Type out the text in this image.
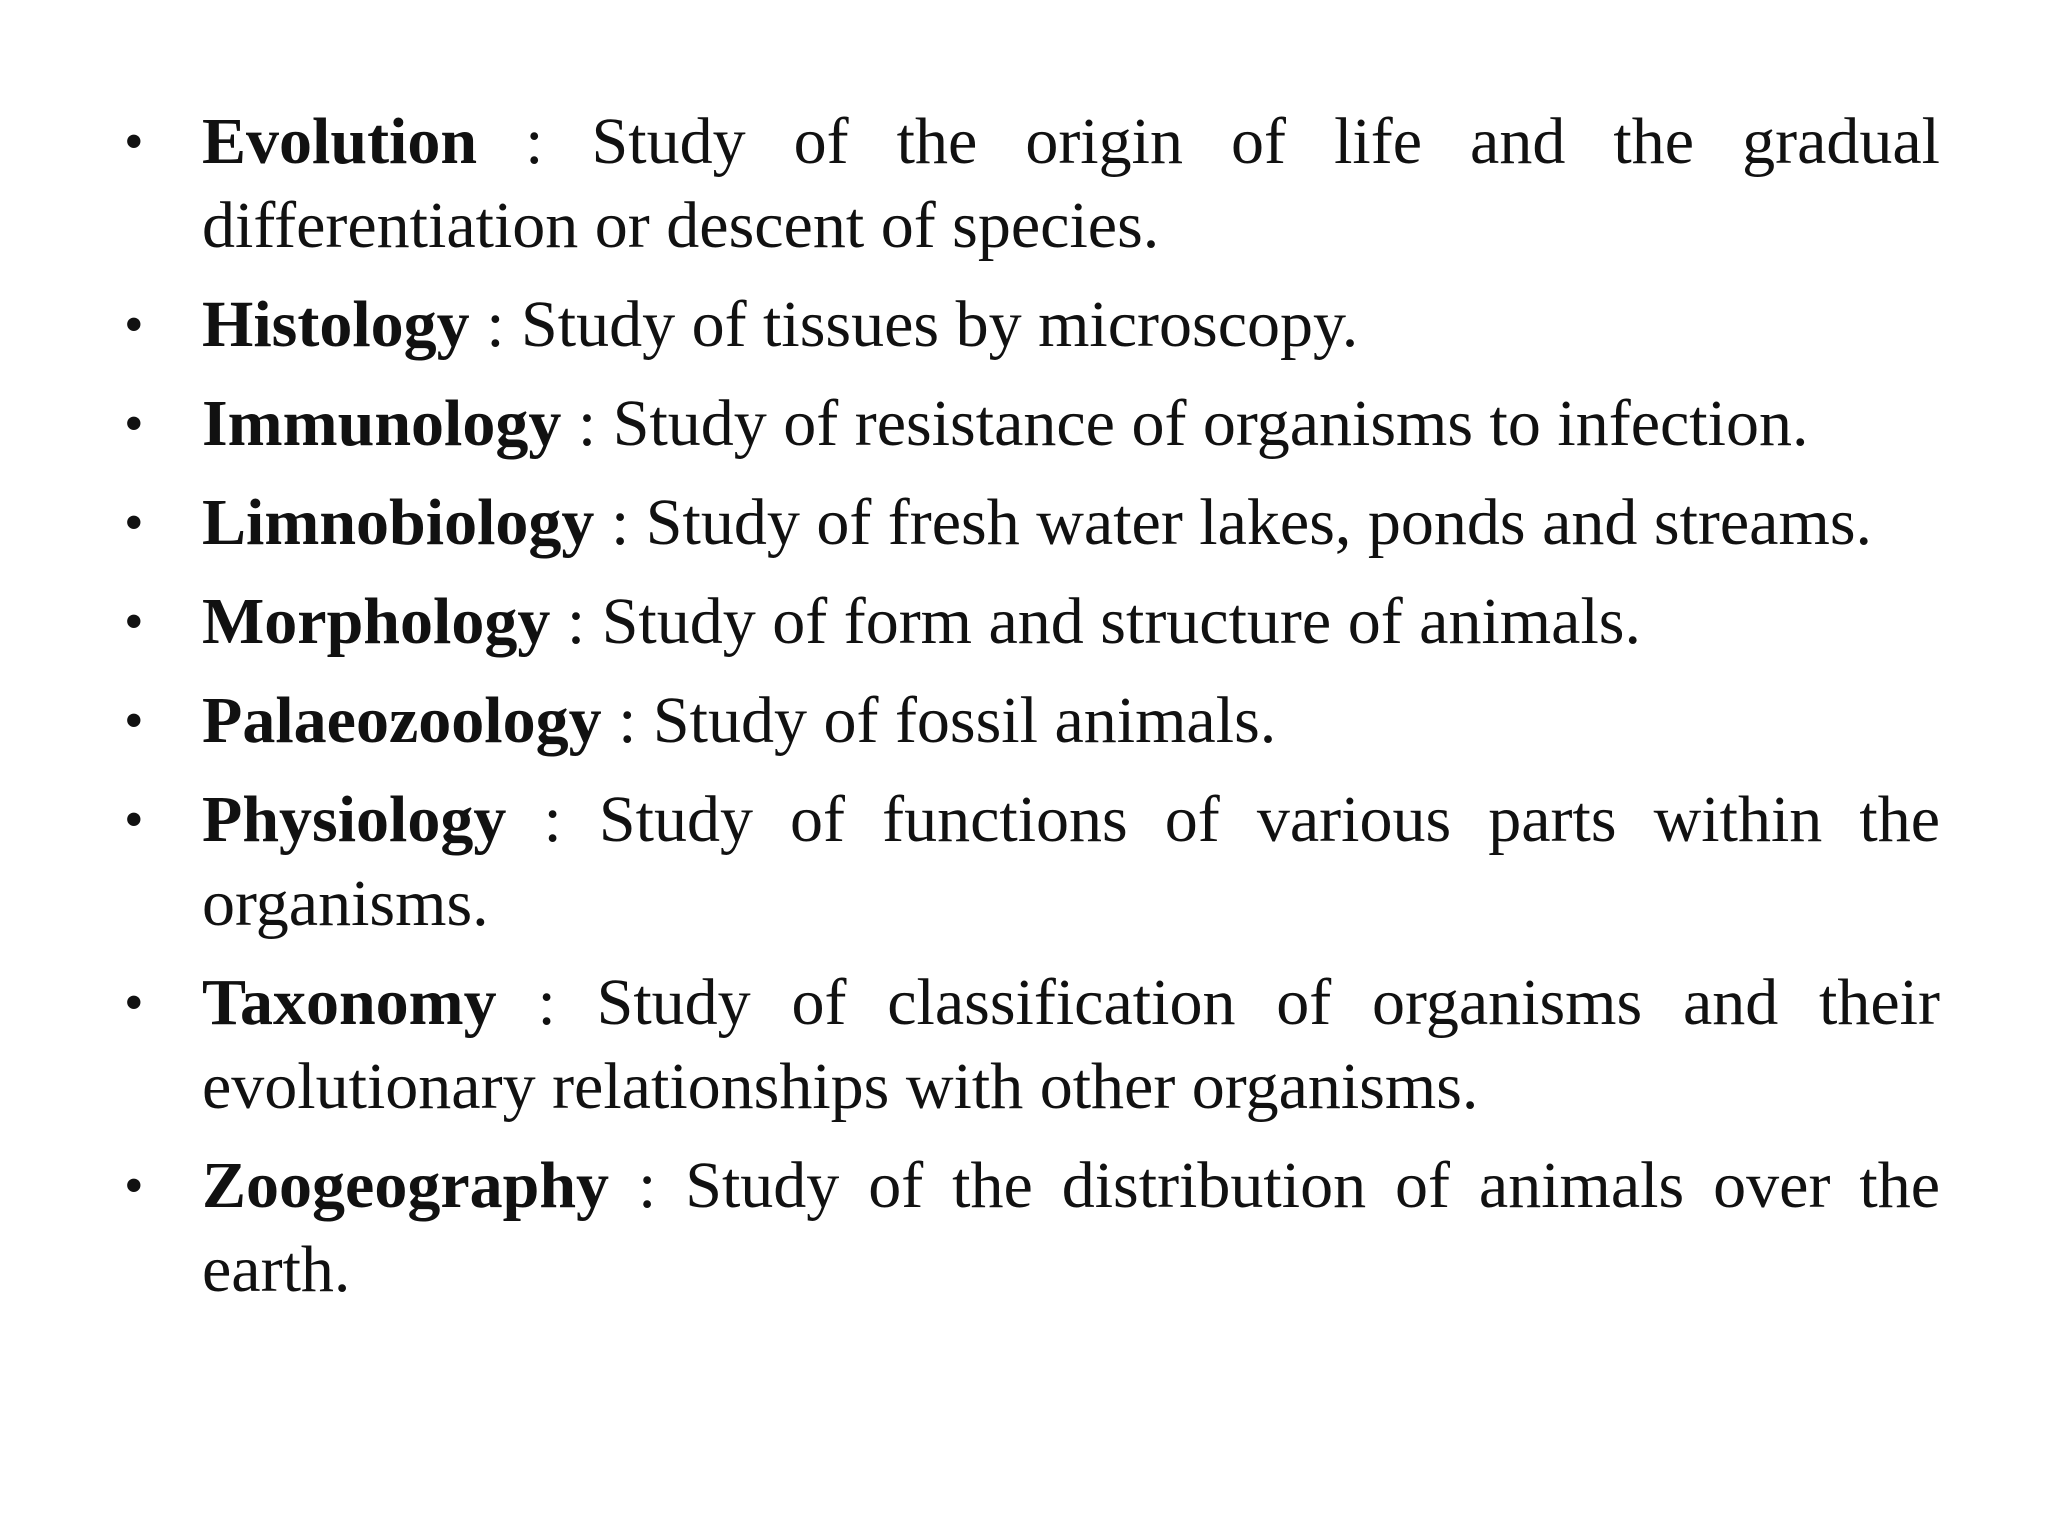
• Evolution : Study of the origin of life and the gradual differentiation or descent of species.
• Histology : Study of tissues by microscopy.
• Immunology : Study of resistance of organisms to infection.
• Limnobiology : Study of fresh water lakes, ponds and streams.
• Morphology : Study of form and structure of animals.
• Palaeozoology : Study of fossil animals.
• Physiology : Study of functions of various parts within the organisms.
• Taxonomy : Study of classification of organisms and their evolutionary relationships with other organisms.
• Zoogeography : Study of the distribution of animals over the earth.
